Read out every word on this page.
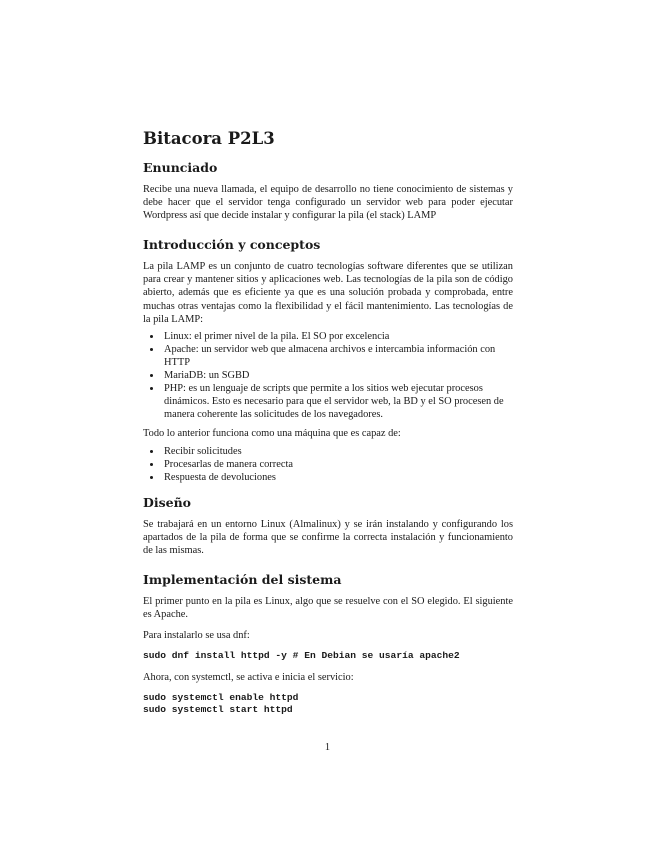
Bitacora P2L3
Enunciado

Recibe una nueva llamada, el equipo de desarrollo no tiene conocimiento de sistemas y debe hacer que el servidor tenga configurado un servidor web para poder ejecutar Wordpress así que decide instalar y configurar la pila (el stack) LAMP

Introducción y conceptos

La pila LAMP es un conjunto de cuatro tecnologías software diferentes que se utilizan para crear y mantener sitios y aplicaciones web. Las tecnologías de la pila son de código abierto, además que es eficiente ya que es una solución probada y comprobada, entre muchas otras ventajas como la flexibilidad y el fácil mantenimiento. Las tecnologías de la pila LAMP:

• Linux: el primer nivel de la pila. El SO por excelencia
• Apache: un servidor web que almacena archivos e intercambia información con HTTP
• MariaDB: un SGBD
• PHP: es un lenguaje de scripts que permite a los sitios web ejecutar procesos dinámicos. Esto es necesario para que el servidor web, la BD y el SO procesen de manera coherente las solicitudes de los navegadores.

Todo lo anterior funciona como una máquina que es capaz de:

• Recibir solicitudes
• Procesarlas de manera correcta
• Respuesta de devoluciones
Diseño

Se trabajará en un entorno Linux (Almalinux) y se irán instalando y configurando los apartados de la pila de forma que se confirme la correcta instalación y funcionamiento de las mismas.

Implementación del sistema

El primer punto en la pila es Linux, algo que se resuelve con el SO elegido. El siguiente es Apache.

Para instalarlo se usa dnf:

sudo dnf install httpd -y # En Debian se usaría apache2

Ahora, con systemctl, se activa e inicia el servicio:

sudo systemctl enable httpd
sudo systemctl start httpd
1
